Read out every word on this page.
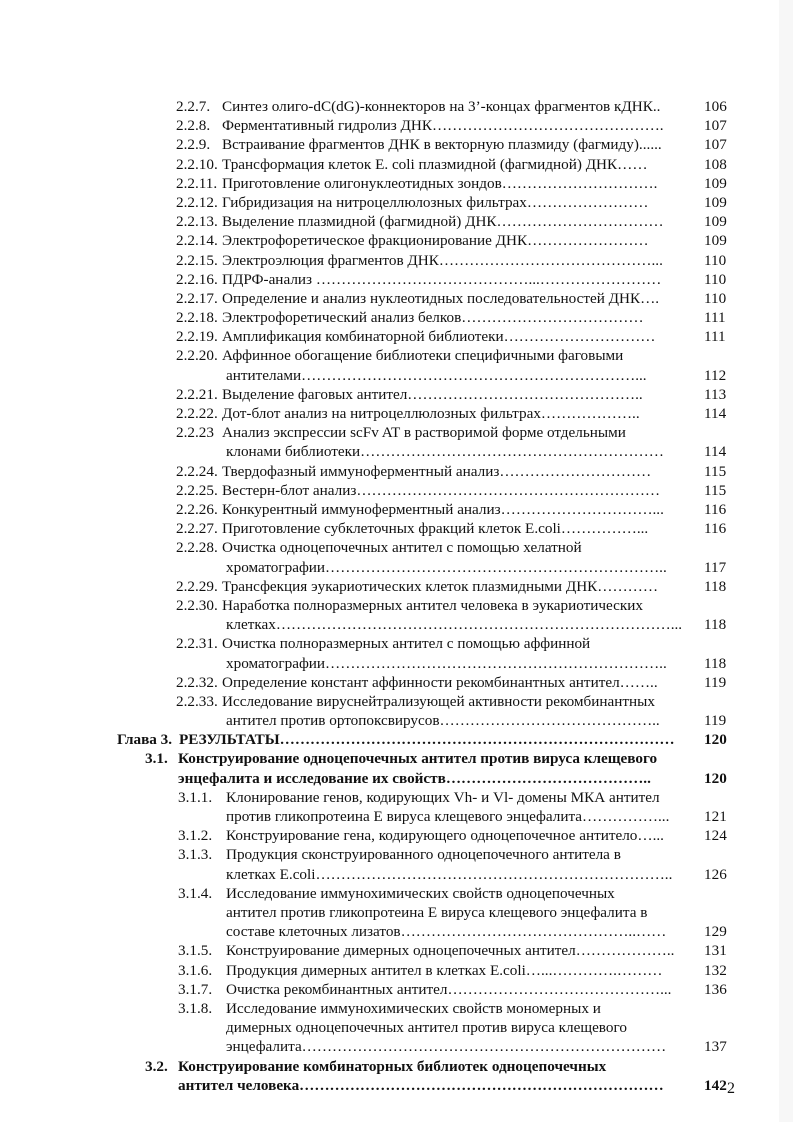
2.2.7. Синтез олиго-dC(dG)-коннекторов на 3’-концах фрагментов кДНК..	106
2.2.8. Ферментативный гидролиз ДНК……………………………………….	107
2.2.9. Встраивание фрагментов ДНК в векторную плазмиду (фагмиду)......	107
2.2.10. Трансформация клеток E. coli плазмидной (фагмидной) ДНК……	108
2.2.11. Приготовление олигонуклеотидных зондов………………………….	109
2.2.12. Гибридизация на нитроцеллюлозных фильтрах……………………	109
2.2.13. Выделение плазмидной (фагмидной) ДНК……………………………	109
2.2.14. Электрофоретическое фракционирование ДНК……………………	109
2.2.15. Электроэлюция фрагментов ДНК……………………………………...	110
2.2.16. ПДРФ-анализ ……………………………………...……………………	110
2.2.17. Определение и анализ нуклеотидных последовательностей ДНК….	110
2.2.18. Электрофоретический анализ белков………………………………	111
2.2.19. Амплификация комбинаторной библиотеки…………………………	111
2.2.20. Аффинное обогащение библиотеки специфичными фаговыми
антителами…………………………………………………………...	112
2.2.21. Выделение фаговых антител………………………………………..	113
2.2.22. Дот-блот анализ на нитроцеллюлозных фильтрах………………..	114
2.2.23 Анализ экспрессии scFv AT в растворимой форме отдельными
клонами библиотеки……………………………………………………	114
2.2.24. Твердофазный иммуноферментный анализ…………………………	115
2.2.25. Вестерн-блот анализ……………………………………………………	115
2.2.26. Конкурентный иммуноферментный анализ…………………………...	116
2.2.27. Приготовление субклеточных фракций клеток E.coli……………...	116
2.2.28. Очистка одноцепочечных антител с помощью хелатной
хроматографии………………………………………………………….. 117
2.2.29. Трансфекция эукариотических клеток плазмидными ДНК…………	118
2.2.30. Наработка полноразмерных антител человека в эукариотических
клетках……………………………………………………………………... 118
2.2.31. Очистка полноразмерных антител с помощью аффинной
хроматографии………………………………………………………….. 118
2.2.32. Определение констант аффинности рекомбинантных антител……..	119
2.2.33. Исследование вируснейтрализующей активности рекомбинантных
антител против ортопоксвирусов……………………………………..	119
Глава 3. РЕЗУЛЬТАТЫ…………………………………………………………………… 120
3.1. Конструирование одноцепочечных антител против вируса клещевого
энцефалита и исследование их свойств…………………………………..	120
3.1.1. Клонирование генов, кодирующих Vh- и Vl- домены МКА антител
против гликопротеина Е вируса клещевого энцефалита……………... 121
3.1.2. Конструирование гена, кодирующего одноцепочечное антитело…...	124
3.1.3. Продукция сконструированного одноцепочечного антитела в
клетках E.coli…………………………………………………………….. 126
3.1.4. Исследование иммунохимических свойств одноцепочечных
антител против гликопротеина Е вируса клещевого энцефалита в
составе клеточных лизатов………………………………………..…… 129
3.1.5. Конструирование димерных одноцепочечных антител……………….. 131
3.1.6. Продукция димерных антител в клетках E.coli…...………….………	132
3.1.7. Очистка рекомбинантных антител……………………………………... 136
3.1.8. Исследование иммунохимических свойств мономерных и
димерных одноцепочечных антител против вируса клещевого
энцефалита……………………………………………………………… 137
3.2. Конструирование комбинаторных библиотек одноцепочечных
антител человека………………………………………………………………	142 2
